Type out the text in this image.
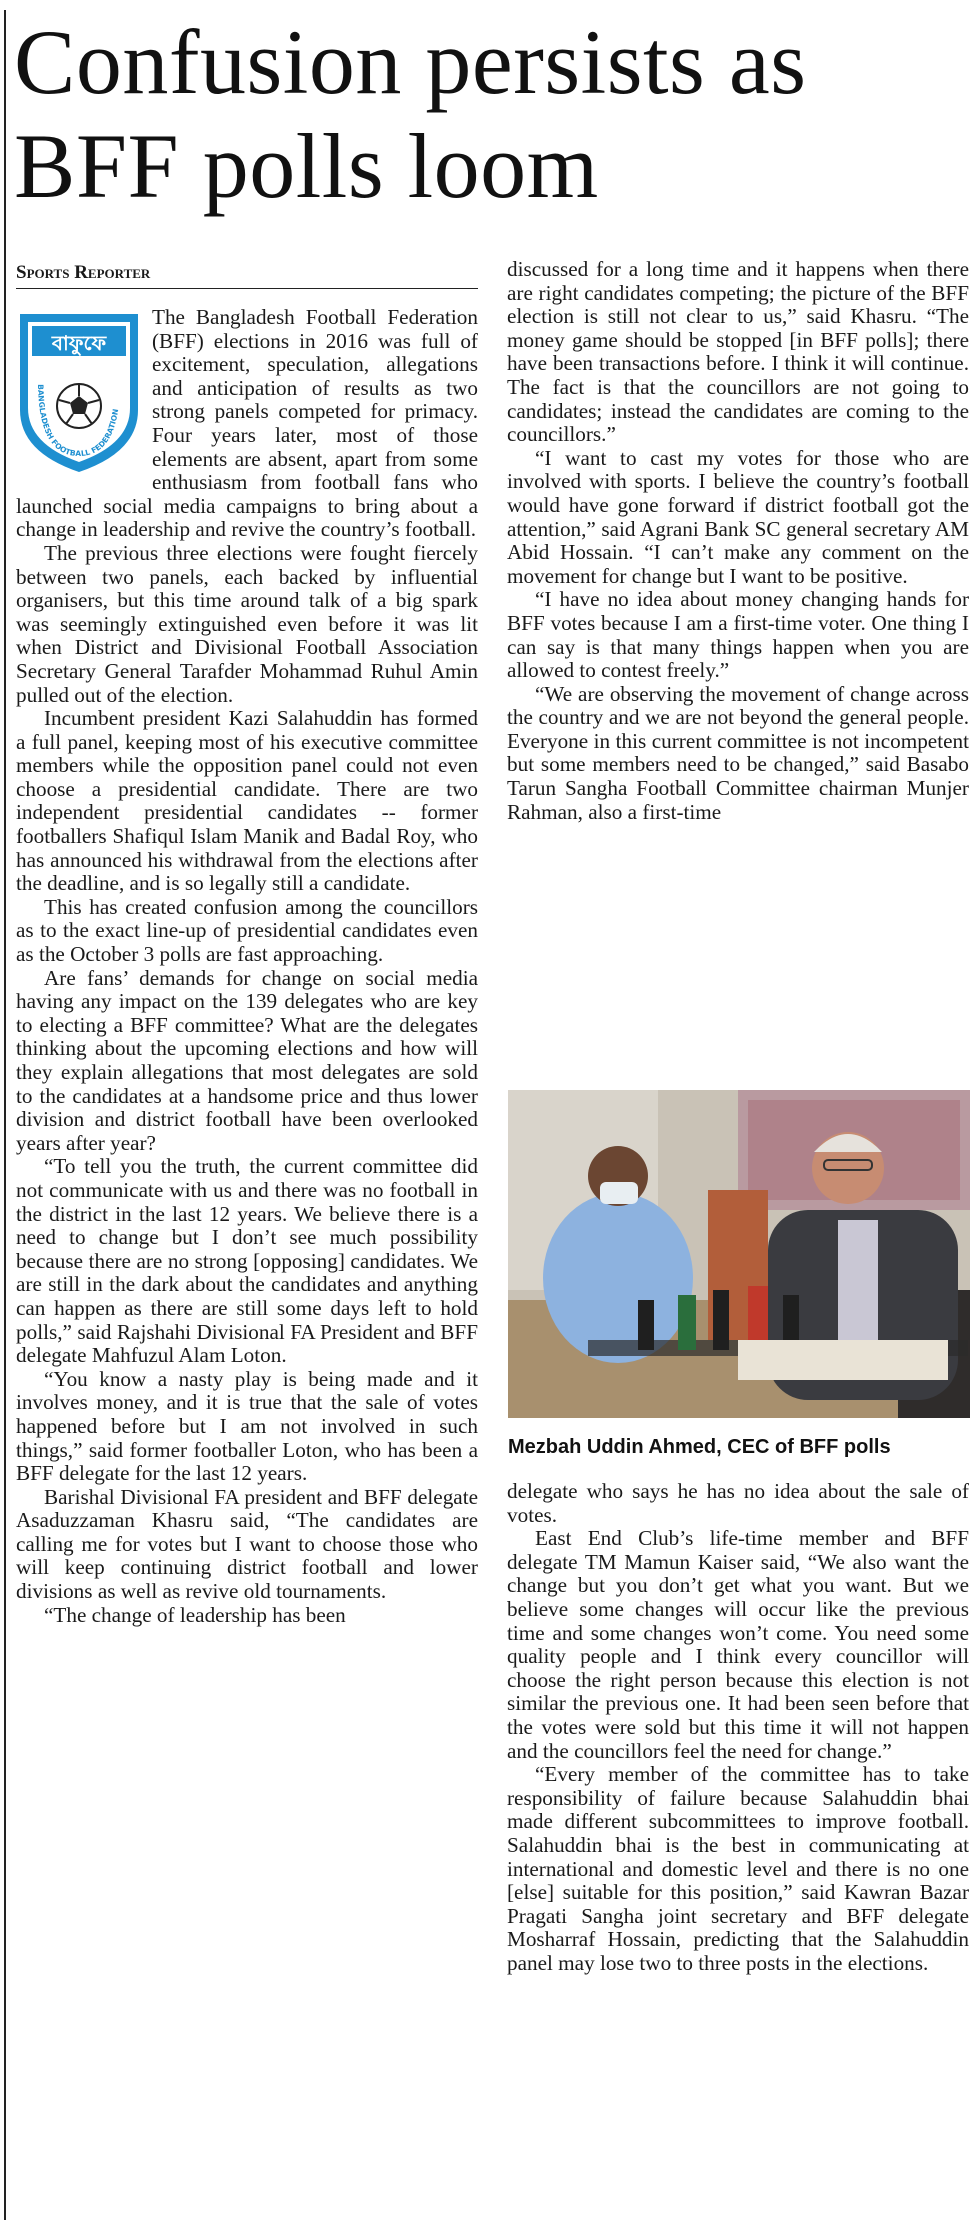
Confusion persists as BFF polls loom
Sports Reporter
বাফুফে
BANGLADESH FOOTBALL FEDERATION

The Bangladesh Football Federation (BFF) elections in 2016 was full of excitement, speculation, allegations and anticipation of results as two strong panels competed for primacy. Four years later, most of those elements are absent, apart from some enthusiasm from football fans who launched social media campaigns to bring about a change in leadership and revive the country’s football.

The previous three elections were fought fiercely between two panels, each backed by influential organisers, but this time around talk of a big spark was seemingly extinguished even before it was lit when District and Divisional Football Association Secretary General Tarafder Mohammad Ruhul Amin pulled out of the election.

Incumbent president Kazi Salahuddin has formed a full panel, keeping most of his executive committee members while the opposition panel could not even choose a presidential candidate. There are two independent presidential candidates -- former footballers Shafiqul Islam Manik and Badal Roy, who has announced his withdrawal from the elections after the deadline, and is so legally still a candidate.

This has created confusion among the councillors as to the exact line-up of presidential candidates even as the October 3 polls are fast approaching.

Are fans’ demands for change on social media having any impact on the 139 delegates who are key to electing a BFF committee? What are the delegates thinking about the upcoming elections and how will they explain allegations that most delegates are sold to the candidates at a handsome price and thus lower division and district football have been overlooked years after year?

“To tell you the truth, the current committee did not communicate with us and there was no football in the district in the last 12 years. We believe there is a need to change but I don’t see much possibility because there are no strong [opposing] candidates. We are still in the dark about the candidates and anything can happen as there are still some days left to hold polls,” said Rajshahi Divisional FA President and BFF delegate Mahfuzul Alam Loton.

“You know a nasty play is being made and it involves money, and it is true that the sale of votes happened before but I am not involved in such things,” said former footballer Loton, who has been a BFF delegate for the last 12 years.

Barishal Divisional FA president and BFF delegate Asaduzzaman Khasru said, “The candidates are calling me for votes but I want to choose those who will keep continuing district football and lower divisions as well as revive old tournaments.

“The change of leadership has been

discussed for a long time and it happens when there are right candidates competing; the picture of the BFF election is still not clear to us,” said Khasru. “The money game should be stopped [in BFF polls]; there have been transactions before. I think it will continue. The fact is that the councillors are not going to candidates; instead the candidates are coming to the councillors.”

“I want to cast my votes for those who are involved with sports. I believe the country’s football would have gone forward if district football got the attention,” said Agrani Bank SC general secretary AM Abid Hossain. “I can’t make any comment on the movement for change but I want to be positive.

“I have no idea about money changing hands for BFF votes because I am a first-time voter. One thing I can say is that many things happen when you are allowed to contest freely.”

“We are observing the movement of change across the country and we are not beyond the general people. Everyone in this current committee is not incompetent but some members need to be changed,” said Basabo Tarun Sangha Football Committee chairman Munjer Rahman, also a first-time

Mezbah Uddin Ahmed, CEC of BFF polls

delegate who says he has no idea about the sale of votes.

East End Club’s life-time member and BFF delegate TM Mamun Kaiser said, “We also want the change but you don’t get what you want. But we believe some changes will occur like the previous time and some changes won’t come. You need some quality people and I think every councillor will choose the right person because this election is not similar the previous one. It had been seen before that the votes were sold but this time it will not happen and the councillors feel the need for change.”

“Every member of the committee has to take responsibility of failure because Salahuddin bhai made different subcommittees to improve football. Salahuddin bhai is the best in communicating at international and domestic level and there is no one [else] suitable for this position,” said Kawran Bazar Pragati Sangha joint secretary and BFF delegate Mosharraf Hossain, predicting that the Salahuddin panel may lose two to three posts in the elections.
